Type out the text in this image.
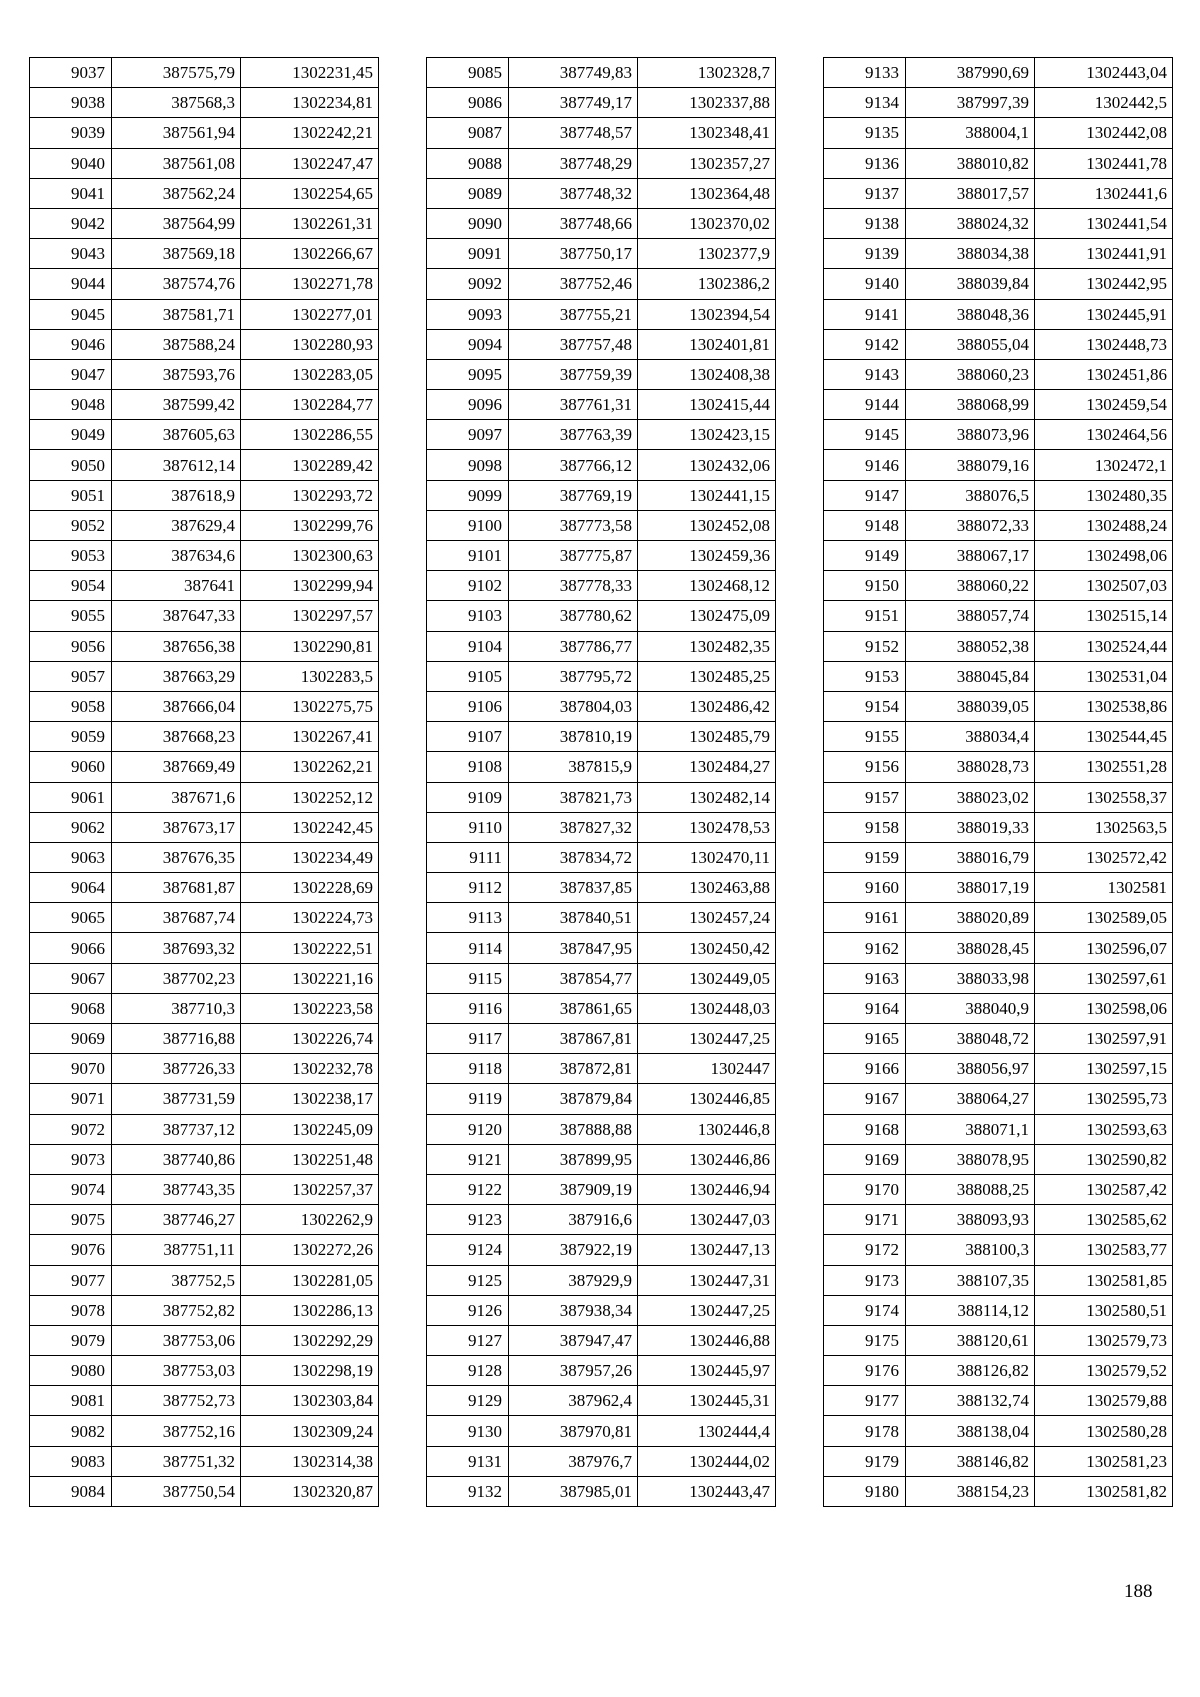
9037	387575,79	1302231,45
9038	387568,3	1302234,81
9039	387561,94	1302242,21
9040	387561,08	1302247,47
9041	387562,24	1302254,65
9042	387564,99	1302261,31
9043	387569,18	1302266,67
9044	387574,76	1302271,78
9045	387581,71	1302277,01
9046	387588,24	1302280,93
9047	387593,76	1302283,05
9048	387599,42	1302284,77
9049	387605,63	1302286,55
9050	387612,14	1302289,42
9051	387618,9	1302293,72
9052	387629,4	1302299,76
9053	387634,6	1302300,63
9054	387641	1302299,94
9055	387647,33	1302297,57
9056	387656,38	1302290,81
9057	387663,29	1302283,5
9058	387666,04	1302275,75
9059	387668,23	1302267,41
9060	387669,49	1302262,21
9061	387671,6	1302252,12
9062	387673,17	1302242,45
9063	387676,35	1302234,49
9064	387681,87	1302228,69
9065	387687,74	1302224,73
9066	387693,32	1302222,51
9067	387702,23	1302221,16
9068	387710,3	1302223,58
9069	387716,88	1302226,74
9070	387726,33	1302232,78
9071	387731,59	1302238,17
9072	387737,12	1302245,09
9073	387740,86	1302251,48
9074	387743,35	1302257,37
9075	387746,27	1302262,9
9076	387751,11	1302272,26
9077	387752,5	1302281,05
9078	387752,82	1302286,13
9079	387753,06	1302292,29
9080	387753,03	1302298,19
9081	387752,73	1302303,84
9082	387752,16	1302309,24
9083	387751,32	1302314,38
9084	387750,54	1302320,87
9085	387749,83	1302328,7
9086	387749,17	1302337,88
9087	387748,57	1302348,41
9088	387748,29	1302357,27
9089	387748,32	1302364,48
9090	387748,66	1302370,02
9091	387750,17	1302377,9
9092	387752,46	1302386,2
9093	387755,21	1302394,54
9094	387757,48	1302401,81
9095	387759,39	1302408,38
9096	387761,31	1302415,44
9097	387763,39	1302423,15
9098	387766,12	1302432,06
9099	387769,19	1302441,15
9100	387773,58	1302452,08
9101	387775,87	1302459,36
9102	387778,33	1302468,12
9103	387780,62	1302475,09
9104	387786,77	1302482,35
9105	387795,72	1302485,25
9106	387804,03	1302486,42
9107	387810,19	1302485,79
9108	387815,9	1302484,27
9109	387821,73	1302482,14
9110	387827,32	1302478,53
9111	387834,72	1302470,11
9112	387837,85	1302463,88
9113	387840,51	1302457,24
9114	387847,95	1302450,42
9115	387854,77	1302449,05
9116	387861,65	1302448,03
9117	387867,81	1302447,25
9118	387872,81	1302447
9119	387879,84	1302446,85
9120	387888,88	1302446,8
9121	387899,95	1302446,86
9122	387909,19	1302446,94
9123	387916,6	1302447,03
9124	387922,19	1302447,13
9125	387929,9	1302447,31
9126	387938,34	1302447,25
9127	387947,47	1302446,88
9128	387957,26	1302445,97
9129	387962,4	1302445,31
9130	387970,81	1302444,4
9131	387976,7	1302444,02
9132	387985,01	1302443,47
9133	387990,69	1302443,04
9134	387997,39	1302442,5
9135	388004,1	1302442,08
9136	388010,82	1302441,78
9137	388017,57	1302441,6
9138	388024,32	1302441,54
9139	388034,38	1302441,91
9140	388039,84	1302442,95
9141	388048,36	1302445,91
9142	388055,04	1302448,73
9143	388060,23	1302451,86
9144	388068,99	1302459,54
9145	388073,96	1302464,56
9146	388079,16	1302472,1
9147	388076,5	1302480,35
9148	388072,33	1302488,24
9149	388067,17	1302498,06
9150	388060,22	1302507,03
9151	388057,74	1302515,14
9152	388052,38	1302524,44
9153	388045,84	1302531,04
9154	388039,05	1302538,86
9155	388034,4	1302544,45
9156	388028,73	1302551,28
9157	388023,02	1302558,37
9158	388019,33	1302563,5
9159	388016,79	1302572,42
9160	388017,19	1302581
9161	388020,89	1302589,05
9162	388028,45	1302596,07
9163	388033,98	1302597,61
9164	388040,9	1302598,06
9165	388048,72	1302597,91
9166	388056,97	1302597,15
9167	388064,27	1302595,73
9168	388071,1	1302593,63
9169	388078,95	1302590,82
9170	388088,25	1302587,42
9171	388093,93	1302585,62
9172	388100,3	1302583,77
9173	388107,35	1302581,85
9174	388114,12	1302580,51
9175	388120,61	1302579,73
9176	388126,82	1302579,52
9177	388132,74	1302579,88
9178	388138,04	1302580,28
9179	388146,82	1302581,23
9180	388154,23	1302581,82
188
